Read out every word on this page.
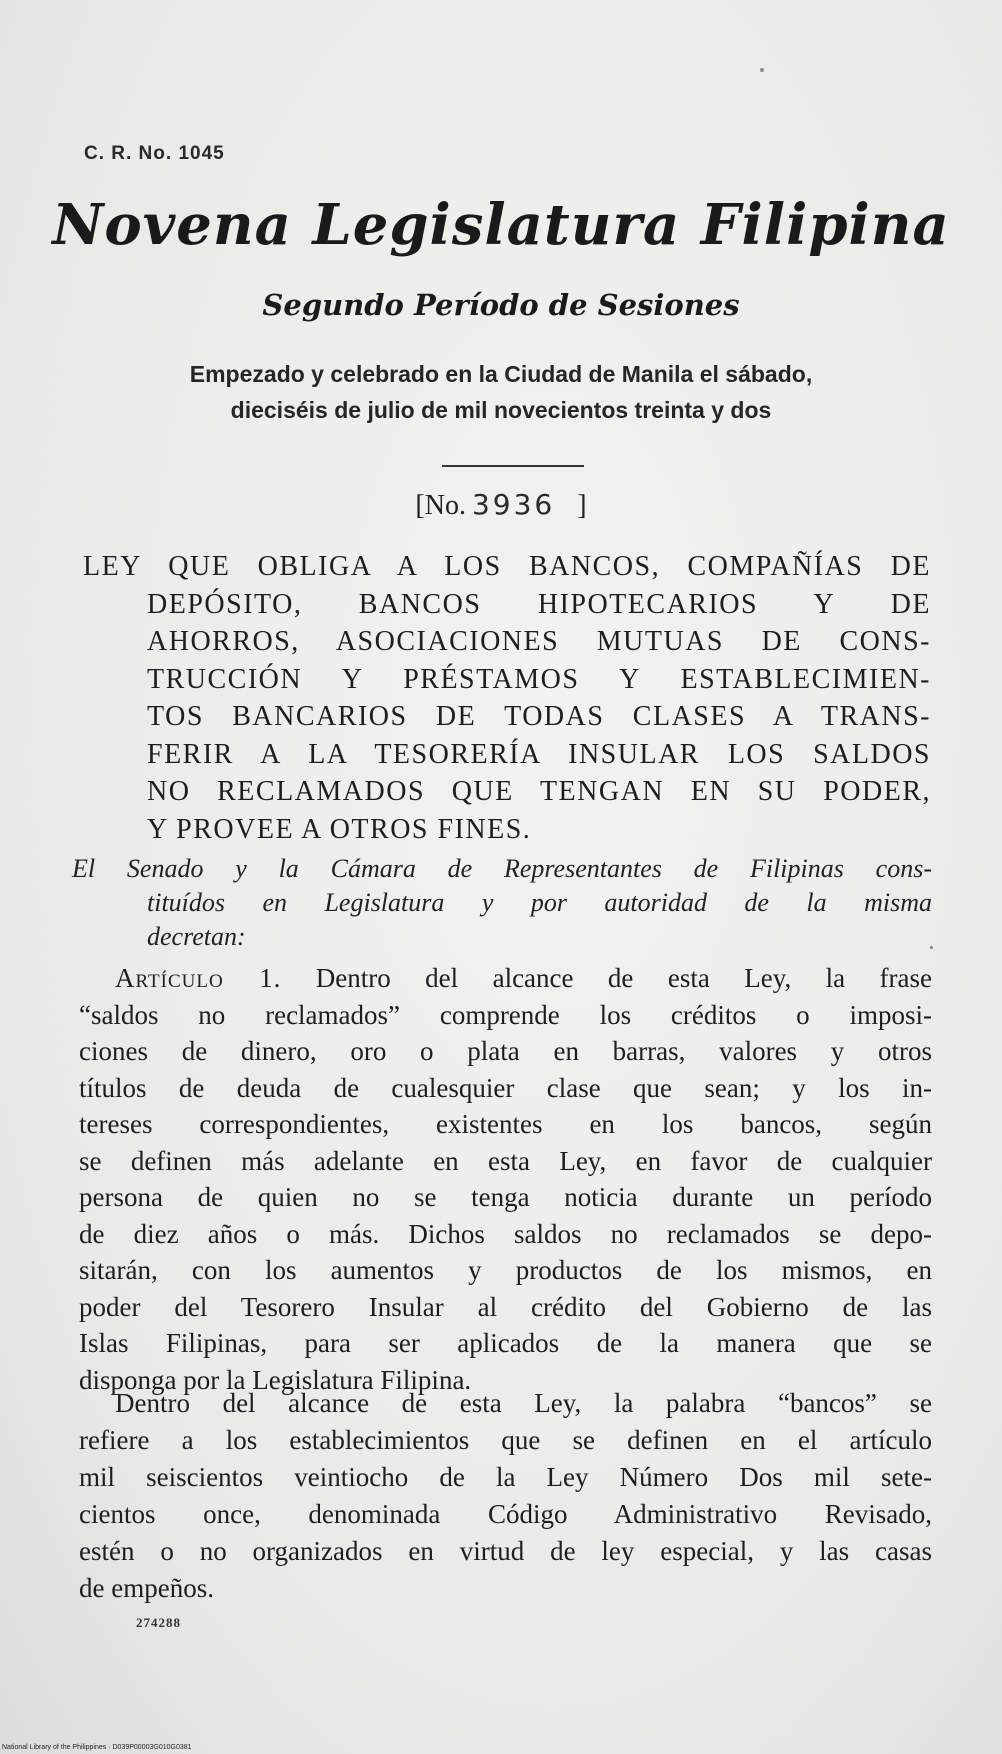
C. R. No. 1045
Novena Legislatura Filipina
Segundo Período de Sesiones
Empezado y celebrado en la Ciudad de Manila el sábado,
dieciséis de julio de mil novecientos treinta y dos
[No. 3936 ]
LEY QUE OBLIGA A LOS BANCOS, COMPAÑÍAS DE
DEPÓSITO, BANCOS HIPOTECARIOS Y DE
AHORROS, ASOCIACIONES MUTUAS DE CONS-
TRUCCIÓN Y PRÉSTAMOS Y ESTABLECIMIEN-
TOS BANCARIOS DE TODAS CLASES A TRANS-
FERIR A LA TESORERÍA INSULAR LOS SALDOS
NO RECLAMADOS QUE TENGAN EN SU PODER,
Y PROVEE A OTROS FINES.
El Senado y la Cámara de Representantes de Filipinas cons-
tituídos en Legislatura y por autoridad de la misma
decretan:
Artículo 1. Dentro del alcance de esta Ley, la frase
“saldos no reclamados” comprende los créditos o imposi-
ciones de dinero, oro o plata en barras, valores y otros
títulos de deuda de cualesquier clase que sean; y los in-
tereses correspondientes, existentes en los bancos, según
se definen más adelante en esta Ley, en favor de cualquier
persona de quien no se tenga noticia durante un período
de diez años o más. Dichos saldos no reclamados se depo-
sitarán, con los aumentos y productos de los mismos, en
poder del Tesorero Insular al crédito del Gobierno de las
Islas Filipinas, para ser aplicados de la manera que se
disponga por la Legislatura Filipina.
Dentro del alcance de esta Ley, la palabra “bancos” se
refiere a los establecimientos que se definen en el artículo
mil seiscientos veintiocho de la Ley Número Dos mil sete-
cientos once, denominada Código Administrativo Revisado,
estén o no organizados en virtud de ley especial, y las casas
de empeños.
274288
National Library of the Philippines · D039P00003G010G0381
